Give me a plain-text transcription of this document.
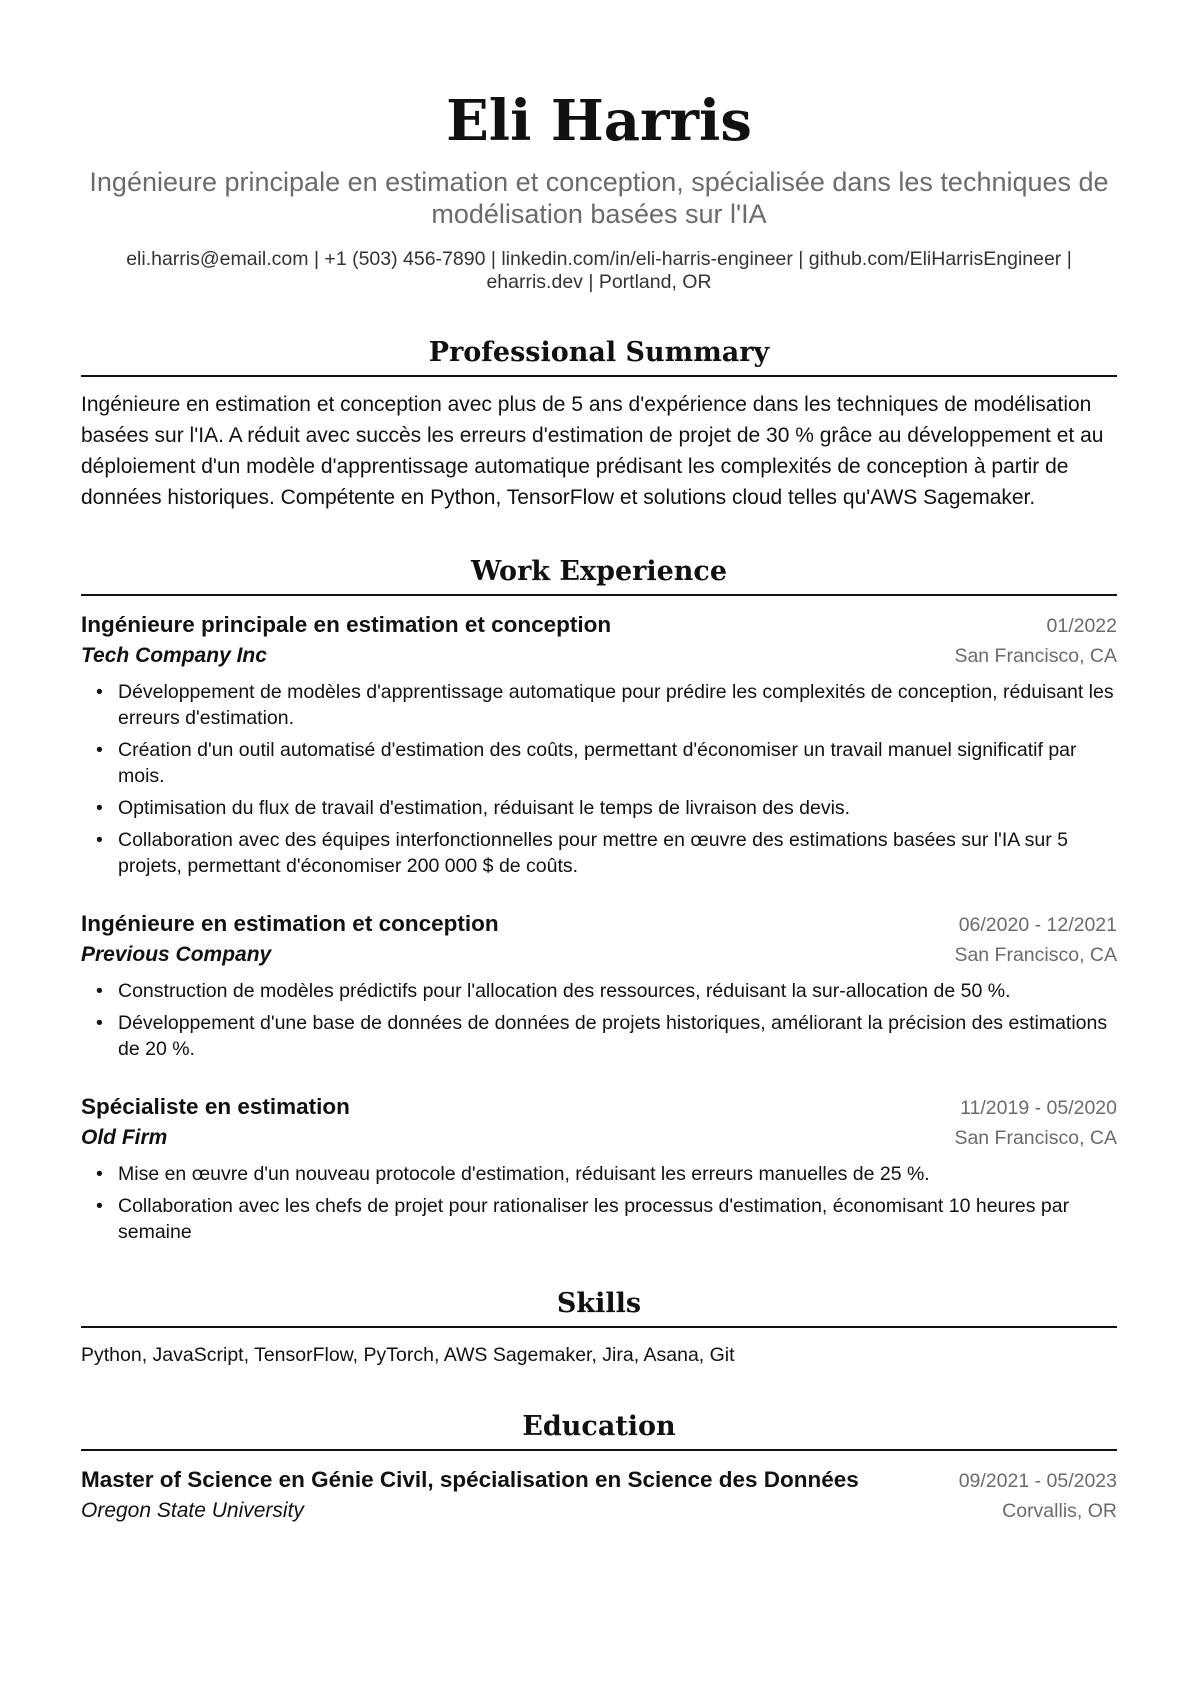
Eli Harris
Ingénieure principale en estimation et conception, spécialisée dans les techniques de modélisation basées sur l'IA
eli.harris@email.com | +1 (503) 456-7890 | linkedin.com/in/eli-harris-engineer | github.com/EliHarrisEngineer | eharris.dev | Portland, OR
Professional Summary
Ingénieure en estimation et conception avec plus de 5 ans d'expérience dans les techniques de modélisation basées sur l'IA. A réduit avec succès les erreurs d'estimation de projet de 30 % grâce au développement et au déploiement d'un modèle d'apprentissage automatique prédisant les complexités de conception à partir de données historiques. Compétente en Python, TensorFlow et solutions cloud telles qu'AWS Sagemaker.
Work Experience
Ingénieure principale en estimation et conception	01/2022
Tech Company Inc	San Francisco, CA
• Développement de modèles d'apprentissage automatique pour prédire les complexités de conception, réduisant les erreurs d'estimation.
• Création d'un outil automatisé d'estimation des coûts, permettant d'économiser un travail manuel significatif par mois.
• Optimisation du flux de travail d'estimation, réduisant le temps de livraison des devis.
• Collaboration avec des équipes interfonctionnelles pour mettre en œuvre des estimations basées sur l'IA sur 5 projets, permettant d'économiser 200 000 $ de coûts.
Ingénieure en estimation et conception	06/2020 - 12/2021
Previous Company	San Francisco, CA
• Construction de modèles prédictifs pour l'allocation des ressources, réduisant la sur-allocation de 50 %.
• Développement d'une base de données de données de projets historiques, améliorant la précision des estimations de 20 %.
Spécialiste en estimation	11/2019 - 05/2020
Old Firm	San Francisco, CA
• Mise en œuvre d'un nouveau protocole d'estimation, réduisant les erreurs manuelles de 25 %.
• Collaboration avec les chefs de projet pour rationaliser les processus d'estimation, économisant 10 heures par semaine
Skills
Python, JavaScript, TensorFlow, PyTorch, AWS Sagemaker, Jira, Asana, Git
Education
Master of Science en Génie Civil, spécialisation en Science des Données	09/2021 - 05/2023
Oregon State University	Corvallis, OR
